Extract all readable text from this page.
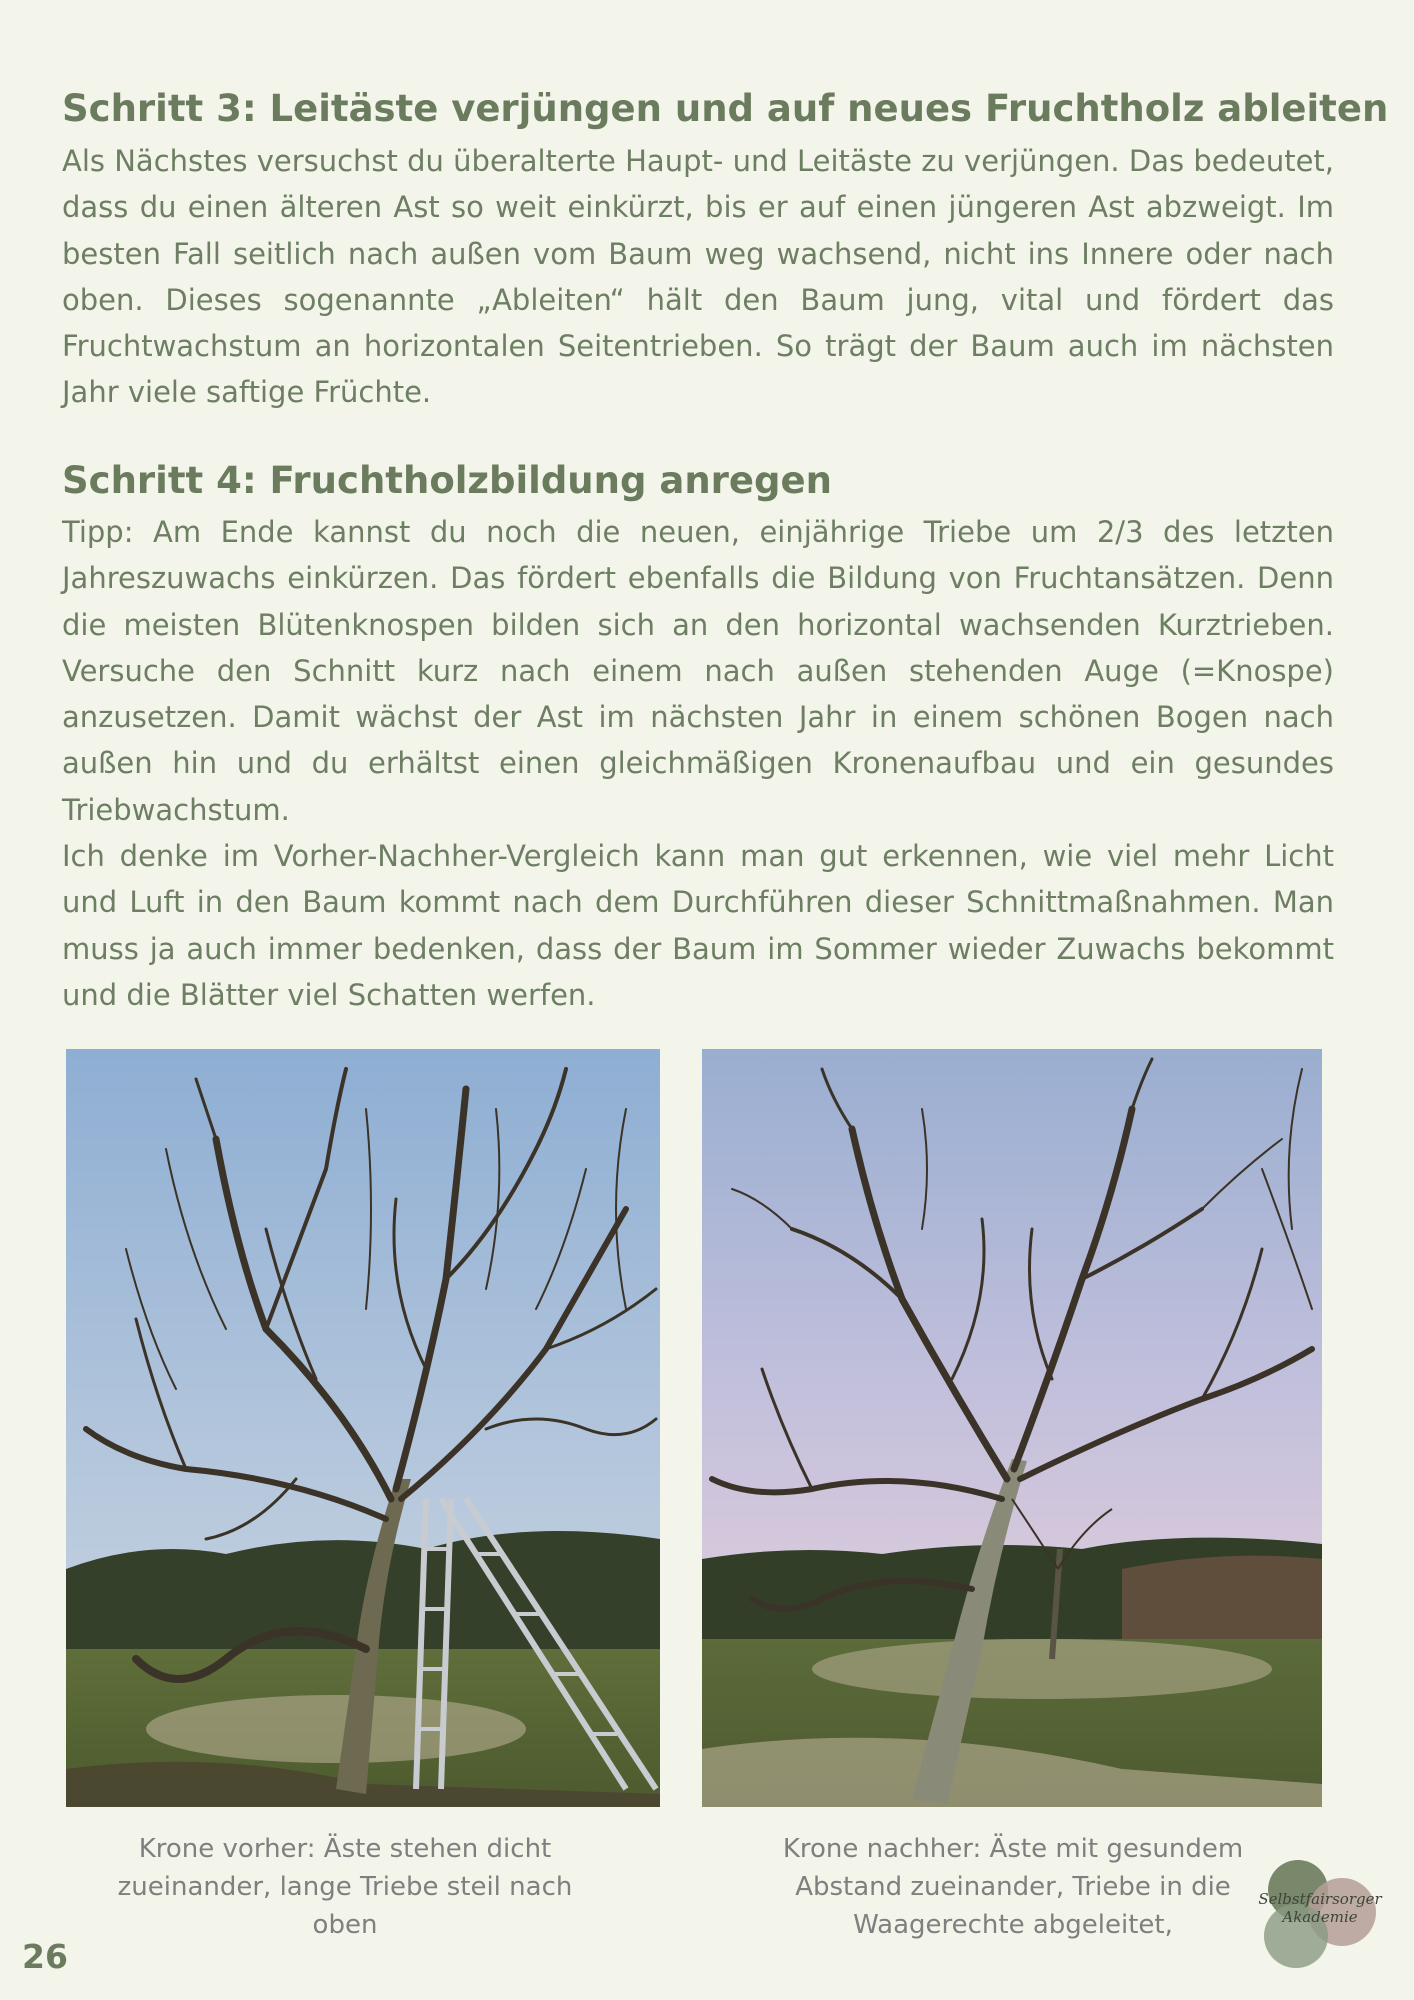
Schritt 3: Leitäste verjüngen und auf neues Fruchtholz ableiten

Als Nächstes versuchst du überalterte Haupt- und Leitäste zu verjüngen. Das bedeutet, dass du einen älteren Ast so weit einkürzt, bis er auf einen jüngeren Ast abzweigt. Im besten Fall seitlich nach außen vom Baum weg wachsend, nicht ins Innere oder nach oben. Dieses sogenannte „Ableiten“ hält den Baum jung, vital und fördert das Fruchtwachstum an horizontalen Seitentrieben. So trägt der Baum auch im nächsten Jahr viele saftige Früchte.

Schritt 4: Fruchtholzbildung anregen

Tipp: Am Ende kannst du noch die neuen, einjährige Triebe um 2/3 des letzten Jahreszuwachs einkürzen. Das fördert ebenfalls die Bildung von Fruchtansätzen. Denn die meisten Blütenknospen bilden sich an den horizontal wachsenden Kurztrieben. Versuche den Schnitt kurz nach einem nach außen stehenden Auge (=Knospe) anzusetzen. Damit wächst der Ast im nächsten Jahr in einem schönen Bogen nach außen hin und du erhältst einen gleichmäßigen Kronenaufbau und ein gesundes Triebwachstum.

Ich denke im Vorher-Nachher-Vergleich kann man gut erkennen, wie viel mehr Licht und Luft in den Baum kommt nach dem Durchführen dieser Schnittmaßnahmen. Man muss ja auch immer bedenken, dass der Baum im Sommer wieder Zuwachs bekommt und die Blätter viel Schatten werfen.

Krone vorher: Äste stehen dicht zueinander, lange Triebe steil nach oben

Krone nachher: Äste mit gesundem Abstand zueinander, Triebe in die Waagerechte abgeleitet,

26
Selbstfairsorger
Akademie
